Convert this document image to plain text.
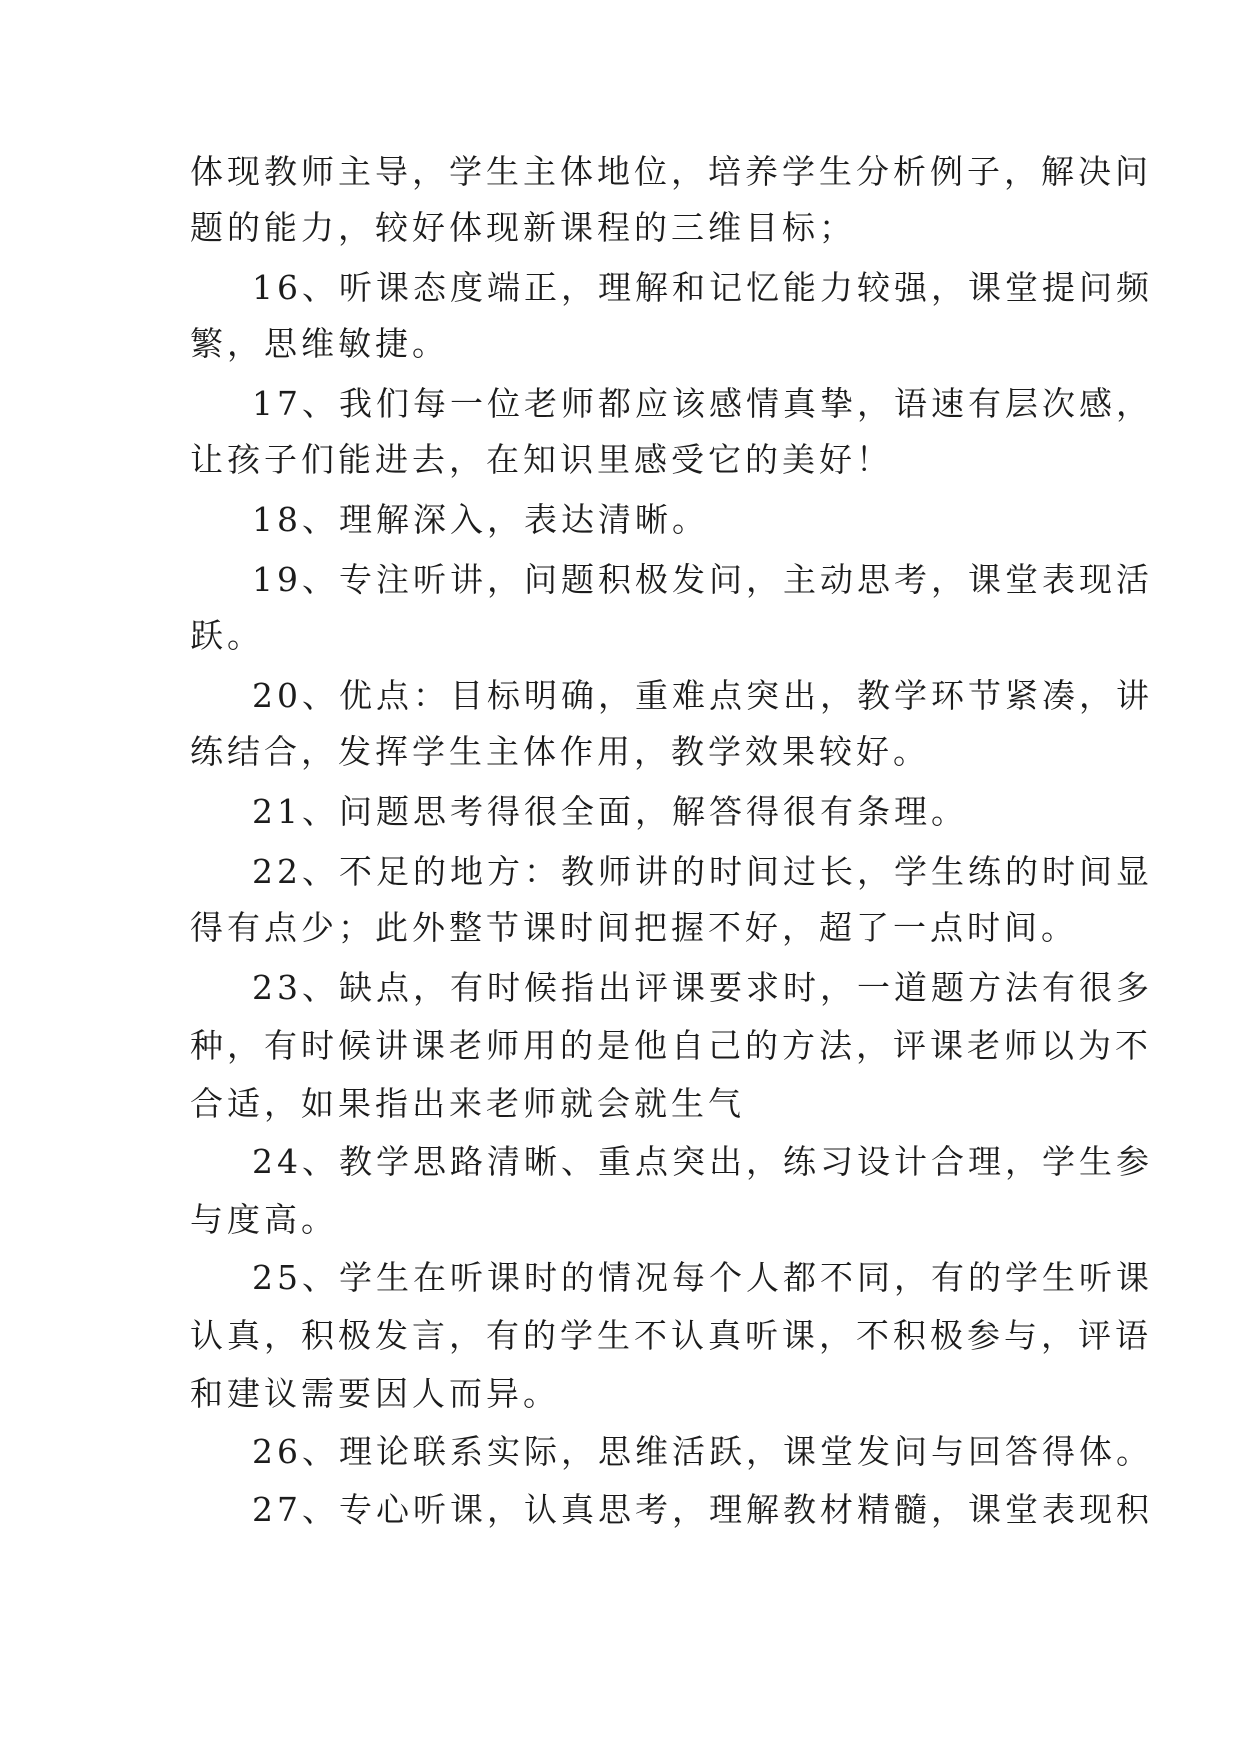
体现教师主导，学生主体地位，培养学生分析例子，解决问
题的能力，较好体现新课程的三维目标；
16、听课态度端正，理解和记忆能力较强，课堂提问频
繁，思维敏捷。
17、我们每一位老师都应该感情真挚，语速有层次感，
让孩子们能进去，在知识里感受它的美好！
18、理解深入，表达清晰。
19、专注听讲，问题积极发问，主动思考，课堂表现活
跃。
20、优点：目标明确，重难点突出，教学环节紧凑，讲
练结合，发挥学生主体作用，教学效果较好。
21、问题思考得很全面，解答得很有条理。
22、不足的地方：教师讲的时间过长，学生练的时间显
得有点少；此外整节课时间把握不好，超了一点时间。
23、缺点，有时候指出评课要求时，一道题方法有很多
种，有时候讲课老师用的是他自己的方法，评课老师以为不
合适，如果指出来老师就会就生气
24、教学思路清晰、重点突出，练习设计合理，学生参
与度高。
25、学生在听课时的情况每个人都不同，有的学生听课
认真，积极发言，有的学生不认真听课，不积极参与，评语
和建议需要因人而异。
26、理论联系实际，思维活跃，课堂发问与回答得体。
27、专心听课，认真思考，理解教材精髓，课堂表现积
